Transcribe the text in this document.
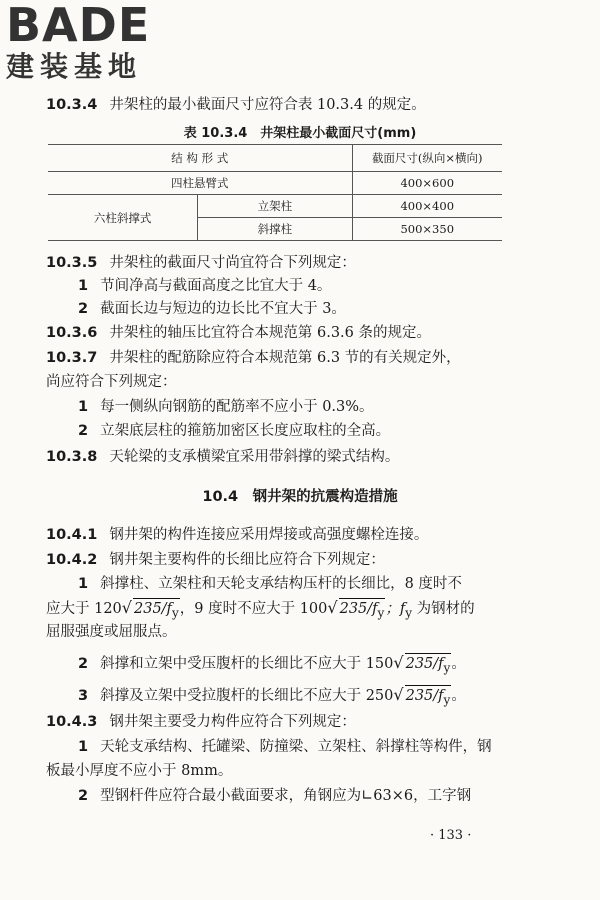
BADE
建装基地
10.3.4 井架柱的最小截面尺寸应符合表 10.3.4 的规定。
表 10.3.4　井架柱最小截面尺寸(mm)
结 构 形 式		截面尺寸(纵向×横向)
四柱悬臂式		400×600
六柱斜撑式	立架柱	400×400
	斜撑柱	500×350
10.3.5 井架柱的截面尺寸尚宜符合下列规定：
1 节间净高与截面高度之比宜大于 4。
2 截面长边与短边的边长比不宜大于 3。
10.3.6 井架柱的轴压比宜符合本规范第 6.3.6 条的规定。
10.3.7 井架柱的配筋除应符合本规范第 6.3 节的有关规定外，
尚应符合下列规定：
1 每一侧纵向钢筋的配筋率不应小于 0.3%。
2 立架底层柱的箍筋加密区长度应取柱的全高。
10.3.8 天轮梁的支承横梁宜采用带斜撑的梁式结构。
10.4　钢井架的抗震构造措施
10.4.1 钢井架的构件连接应采用焊接或高强度螺栓连接。
10.4.2 钢井架主要构件的长细比应符合下列规定：
1 斜撑柱、立架柱和天轮支承结构压杆的长细比，8 度时不
应大于 120√ $235/f_y$，9 度时不应大于 100√ $235/f_y$；$f_y$ 为钢材的
屈服强度或屈服点。
2 斜撑和立架中受压腹杆的长细比不应大于 150√ $235/f_y$。
3 斜撑及立架中受拉腹杆的长细比不应大于 250√ $235/f_y$。
10.4.3 钢井架主要受力构件应符合下列规定：
1 天轮支承结构、托罐梁、防撞梁、立架柱、斜撑柱等构件，钢
板最小厚度不应小于 8mm。
2 型钢杆件应符合最小截面要求，角钢应为∟63×6，工字钢
· 133 ·
